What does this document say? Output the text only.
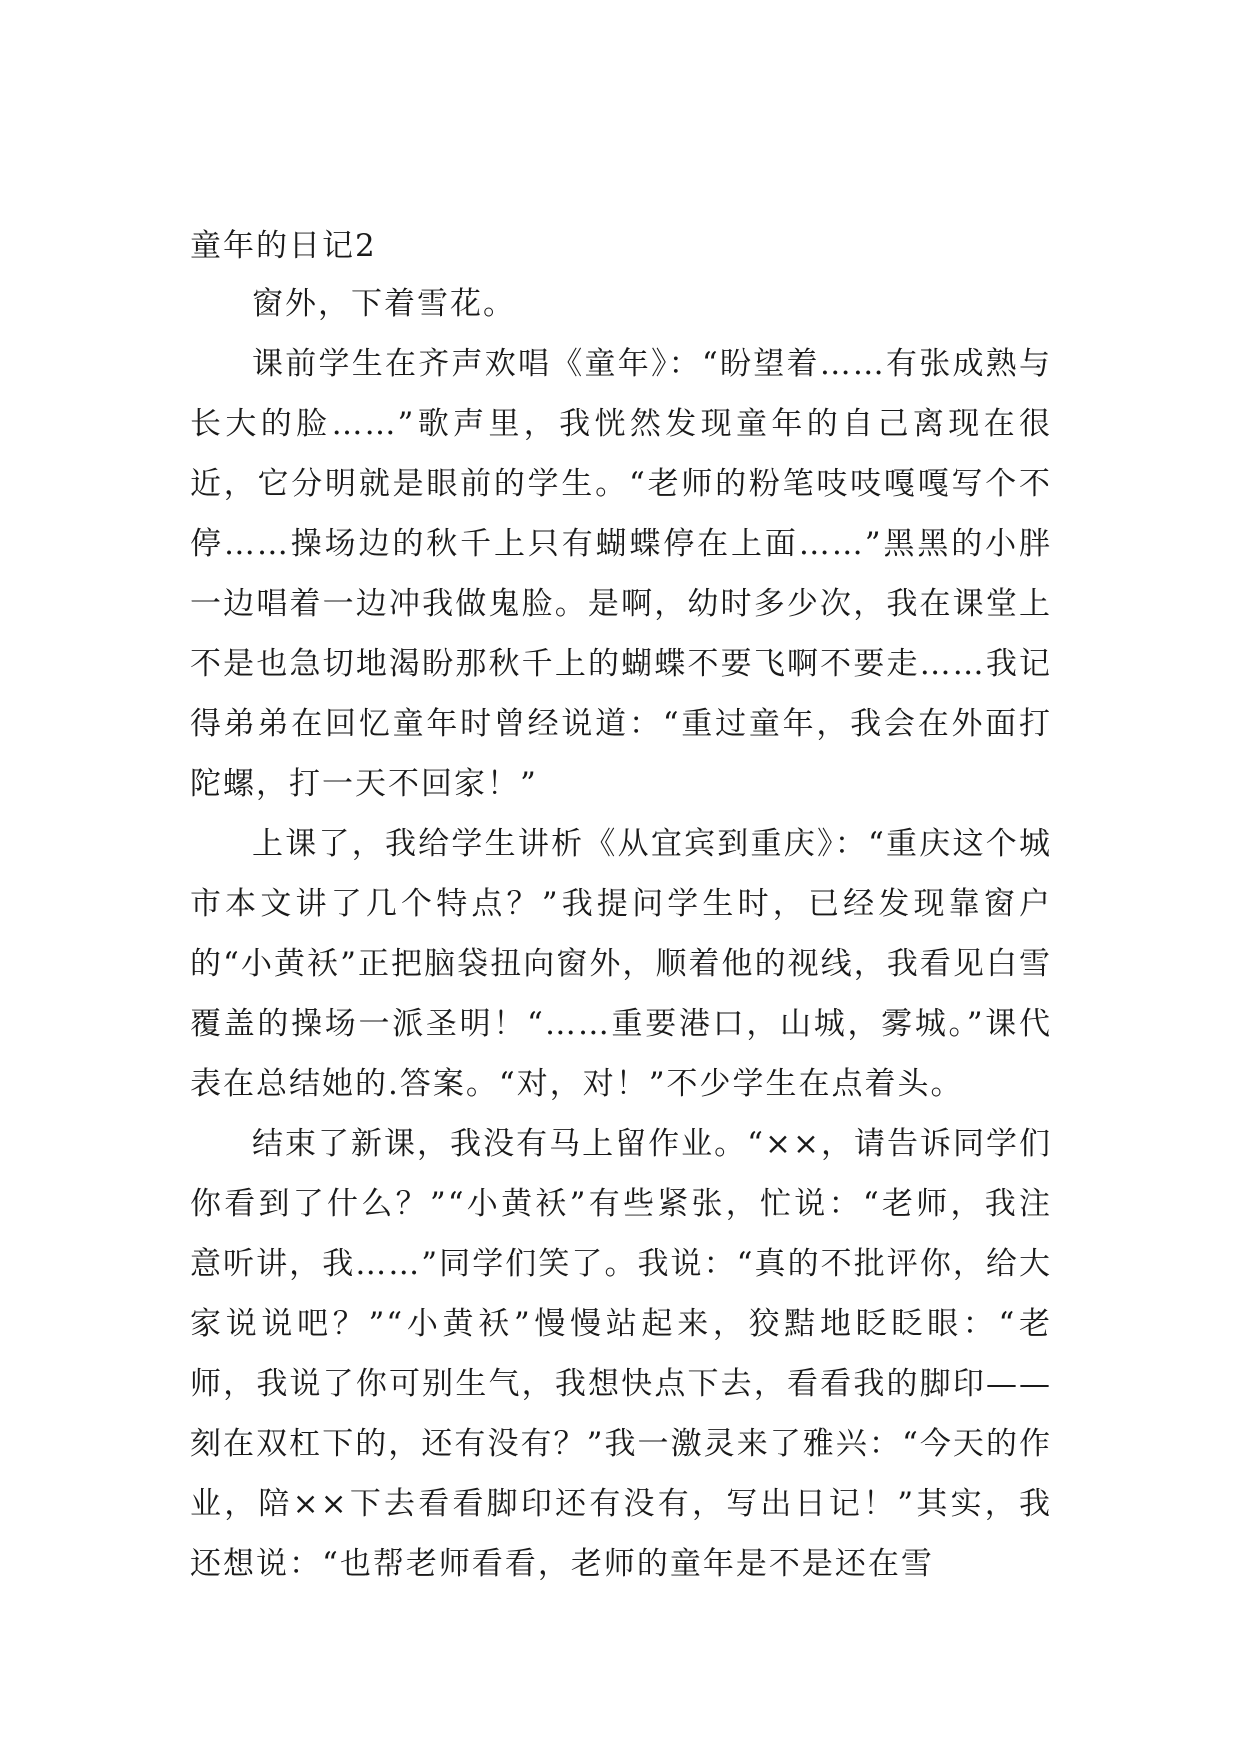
童年的日记2

窗外，下着雪花。

课前学生在齐声欢唱《童年》：“盼望着……有张成熟与长大的脸……”歌声里，我恍然发现童年的自己离现在很近，它分明就是眼前的学生。“老师的粉笔吱吱嘎嘎写个不停……操场边的秋千上只有蝴蝶停在上面……”黑黑的小胖一边唱着一边冲我做鬼脸。是啊，幼时多少次，我在课堂上不是也急切地渴盼那秋千上的蝴蝶不要飞啊不要走……我记得弟弟在回忆童年时曾经说道：“重过童年，我会在外面打陀螺，打一天不回家！”

上课了，我给学生讲析《从宜宾到重庆》：“重庆这个城市本文讲了几个特点？”我提问学生时，已经发现靠窗户的“小黄袄”正把脑袋扭向窗外，顺着他的视线，我看见白雪覆盖的操场一派圣明！“……重要港口，山城，雾城。”课代表在总结她的.答案。“对，对！”不少学生在点着头。

结束了新课，我没有马上留作业。“××，请告诉同学们你看到了什么？”“小黄袄”有些紧张，忙说：“老师，我注意听讲，我……”同学们笑了。我说：“真的不批评你，给大家说说吧？”“小黄袄”慢慢站起来，狡黠地眨眨眼：“老师，我说了你可别生气，我想快点下去，看看我的脚印——刻在双杠下的，还有没有？”我一激灵来了雅兴：“今天的作业，陪××下去看看脚印还有没有，写出日记！”其实，我还想说：“也帮老师看看，老师的童年是不是还在雪
